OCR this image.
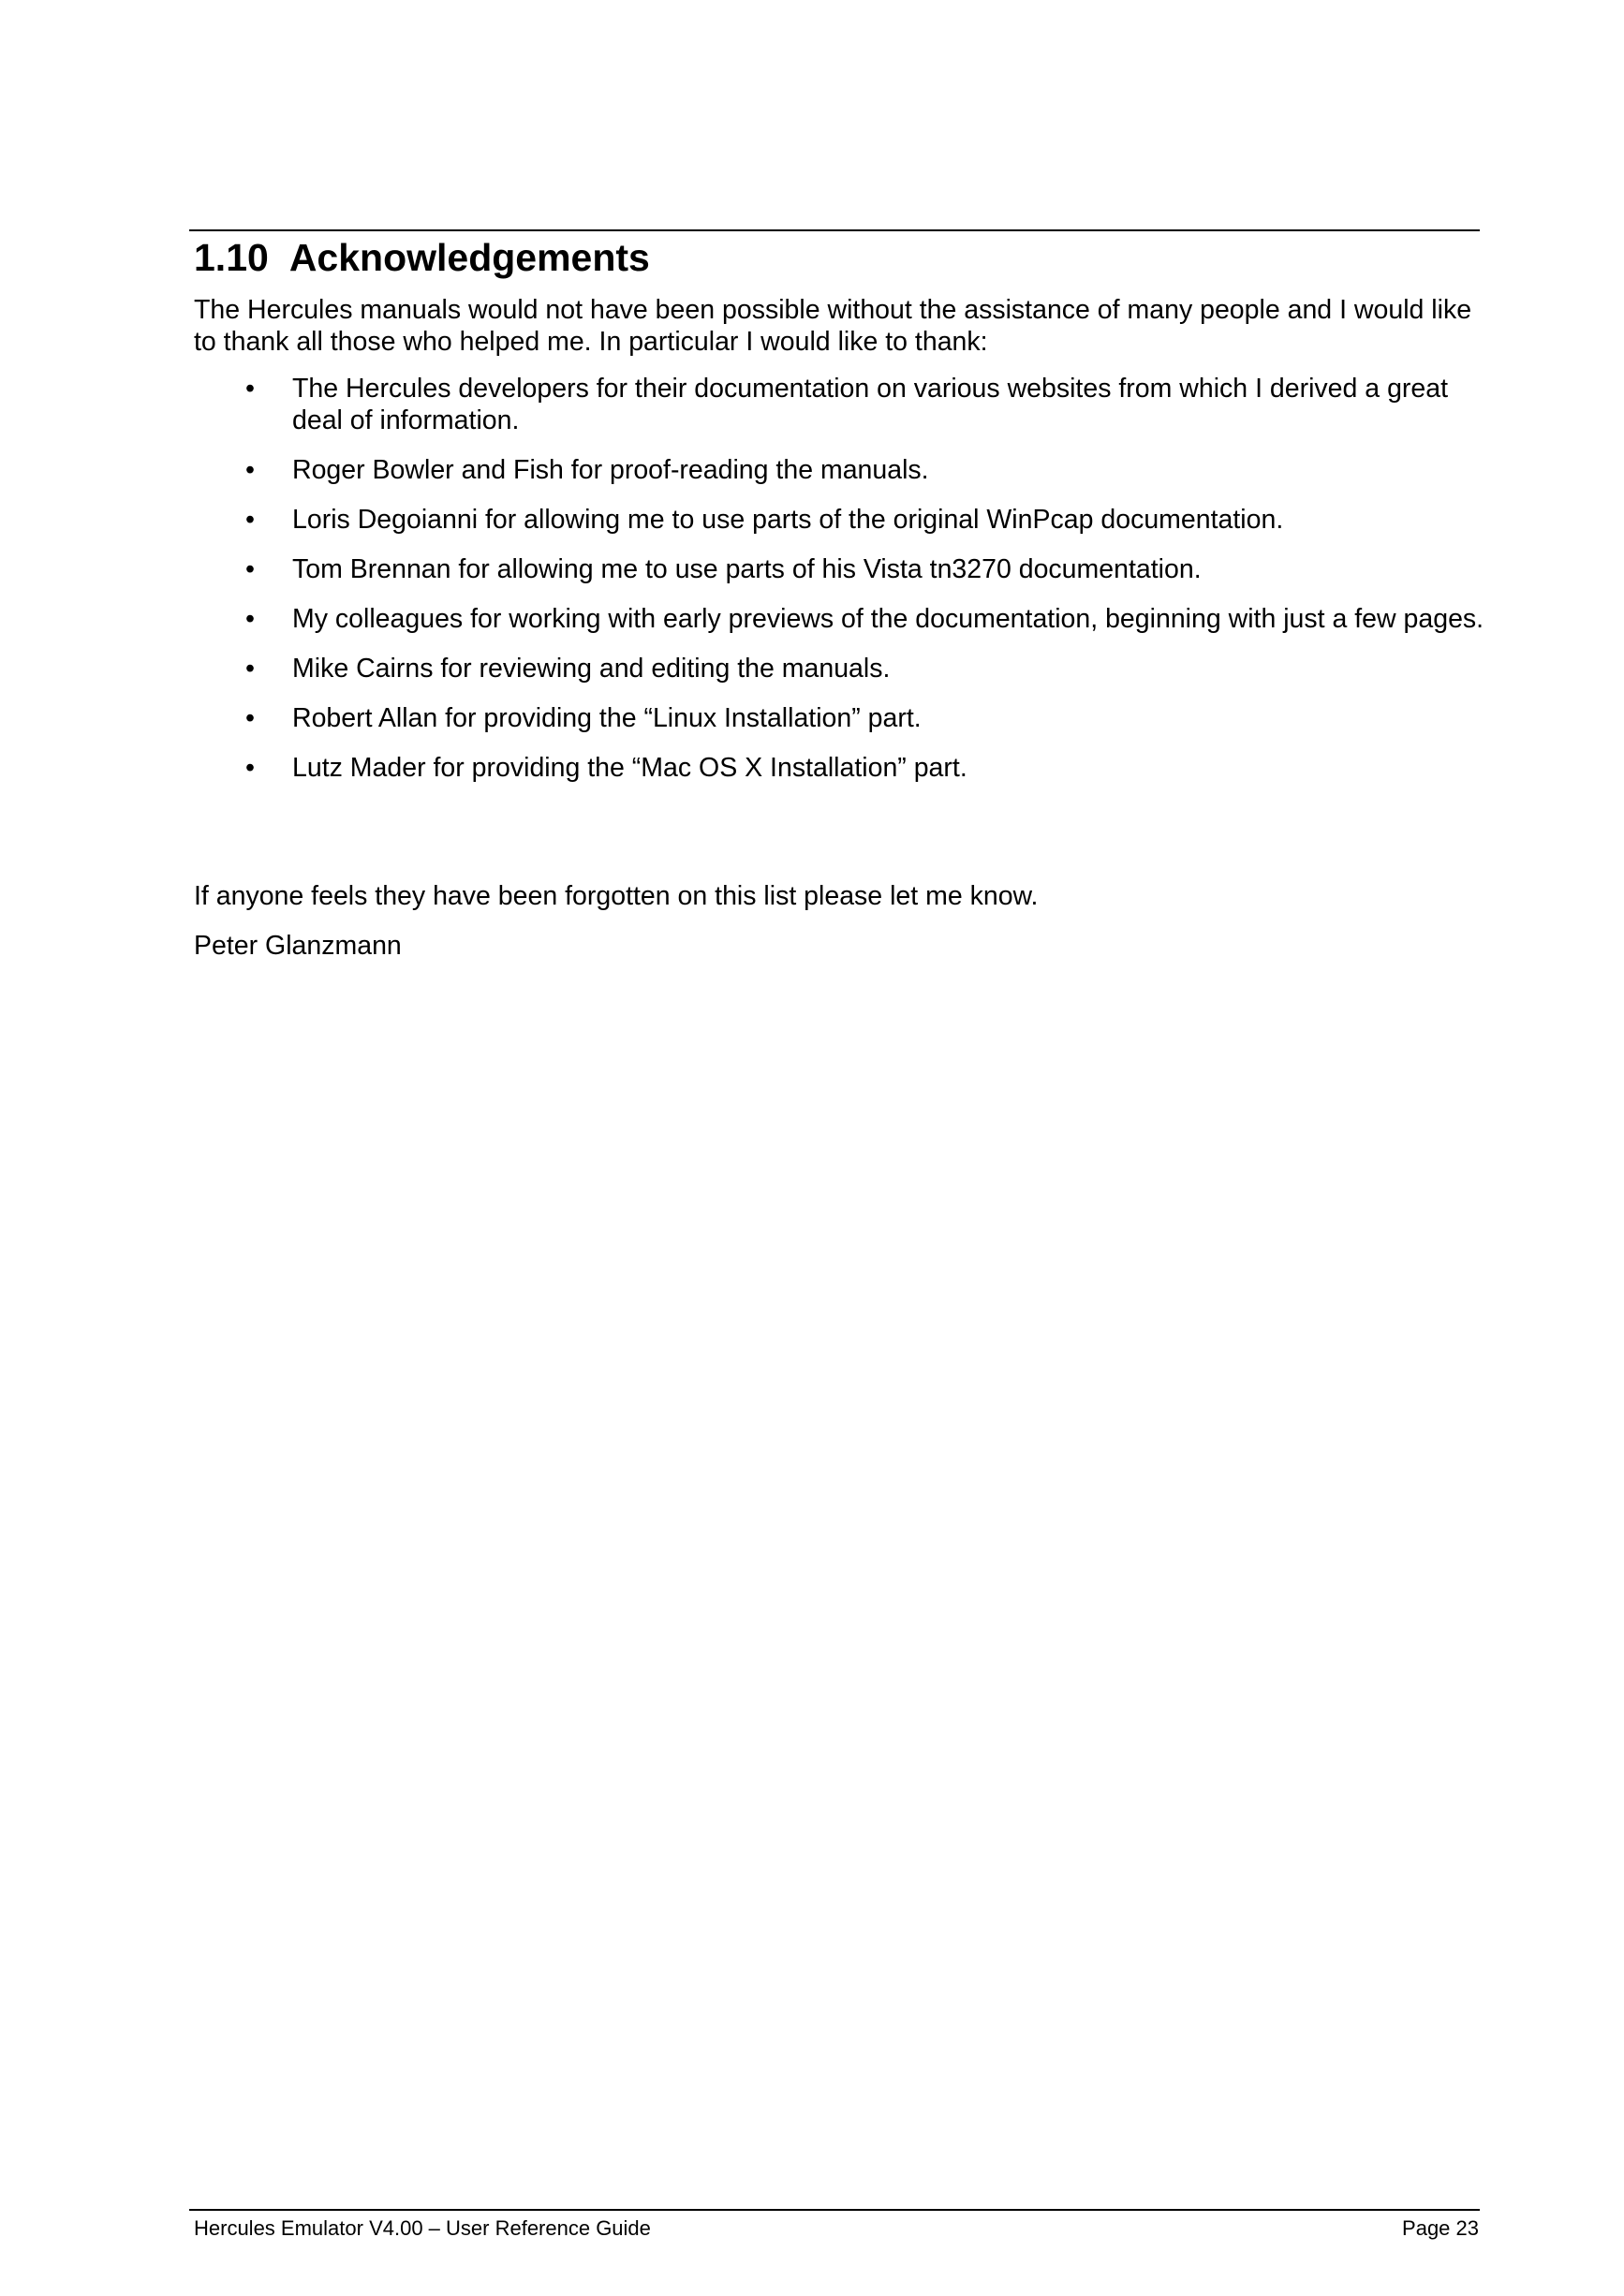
1.10 Acknowledgements

The Hercules manuals would not have been possible without the assistance of many people and I would like to thank all those who helped me. In particular I would like to thank:

• The Hercules developers for their documentation on various websites from which I derived a great deal of information.
• Roger Bowler and Fish for proof-reading the manuals.
• Loris Degoianni for allowing me to use parts of the original WinPcap documentation.
• Tom Brennan for allowing me to use parts of his Vista tn3270 documentation.
• My colleagues for working with early previews of the documentation, beginning with just a few pages.
• Mike Cairns for reviewing and editing the manuals.
• Robert Allan for providing the “Linux Installation” part.
• Lutz Mader for providing the “Mac OS X Installation” part.

If anyone feels they have been forgotten on this list please let me know.

Peter Glanzmann

Hercules Emulator V4.00 – User Reference Guide	Page 23
